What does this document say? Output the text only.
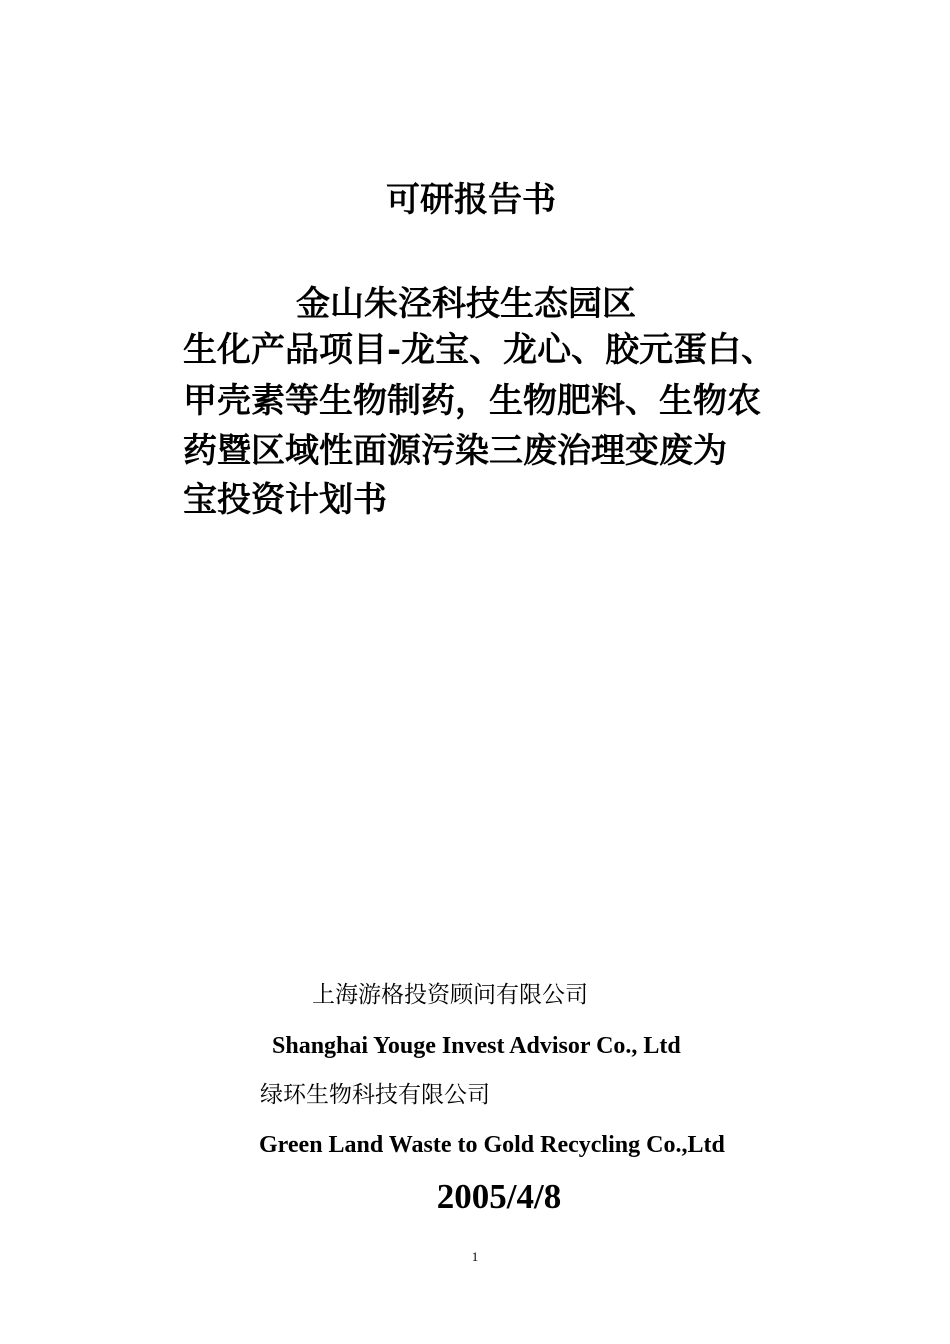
可研报告书
金山朱泾科技生态园区
生化产品项目-龙宝、龙心、胶元蛋白、
甲壳素等生物制药，生物肥料、生物农
药暨区域性面源污染三废治理变废为
宝投资计划书
上海游格投资顾问有限公司
Shanghai Youge Invest Advisor Co., Ltd
绿环生物科技有限公司
Green Land Waste to Gold Recycling Co.,Ltd
2005/4/8
1
